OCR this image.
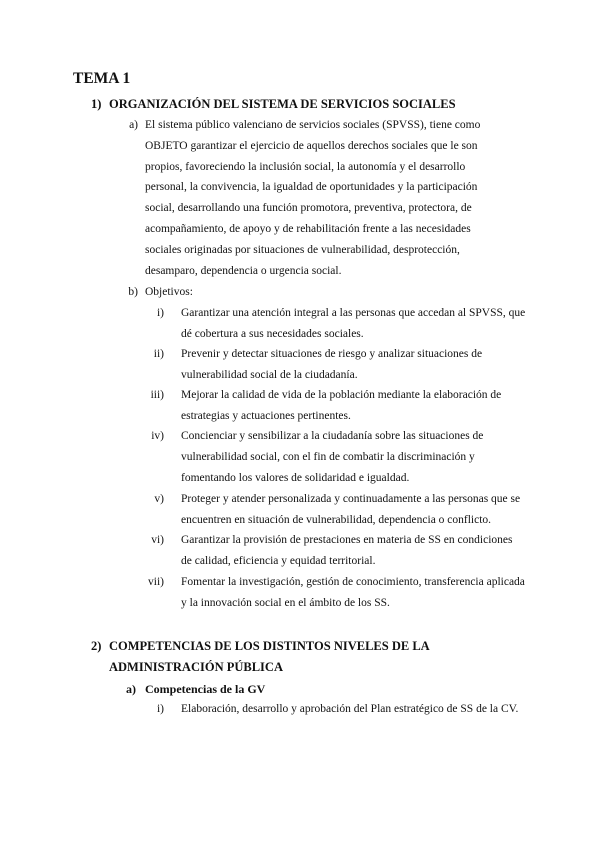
TEMA 1
1) ORGANIZACIÓN DEL SISTEMA DE SERVICIOS SOCIALES
a) El sistema público valenciano de servicios sociales (SPVSS), tiene como OBJETO garantizar el ejercicio de aquellos derechos sociales que le son propios, favoreciendo la inclusión social, la autonomía y el desarrollo personal, la convivencia, la igualdad de oportunidades y la participación social, desarrollando una función promotora, preventiva, protectora, de acompañamiento, de apoyo y de rehabilitación frente a las necesidades sociales originadas por situaciones de vulnerabilidad, desprotección, desamparo, dependencia o urgencia social.
b) Objetivos:
i) Garantizar una atención integral a las personas que accedan al SPVSS, que dé cobertura a sus necesidades sociales.
ii) Prevenir y detectar situaciones de riesgo y analizar situaciones de vulnerabilidad social de la ciudadanía.
iii) Mejorar la calidad de vida de la población mediante la elaboración de estrategias y actuaciones pertinentes.
iv) Concienciar y sensibilizar a la ciudadanía sobre las situaciones de vulnerabilidad social, con el fin de combatir la discriminación y fomentando los valores de solidaridad e igualdad.
v) Proteger y atender personalizada y continuadamente a las personas que se encuentren en situación de vulnerabilidad, dependencia o conflicto.
vi) Garantizar la provisión de prestaciones en materia de SS en condiciones de calidad, eficiencia y equidad territorial.
vii) Fomentar la investigación, gestión de conocimiento, transferencia aplicada y la innovación social en el ámbito de los SS.
2) COMPETENCIAS DE LOS DISTINTOS NIVELES DE LA
ADMINISTRACIÓN PÚBLICA
a) Competencias de la GV
i) Elaboración, desarrollo y aprobación del Plan estratégico de SS de la CV.
